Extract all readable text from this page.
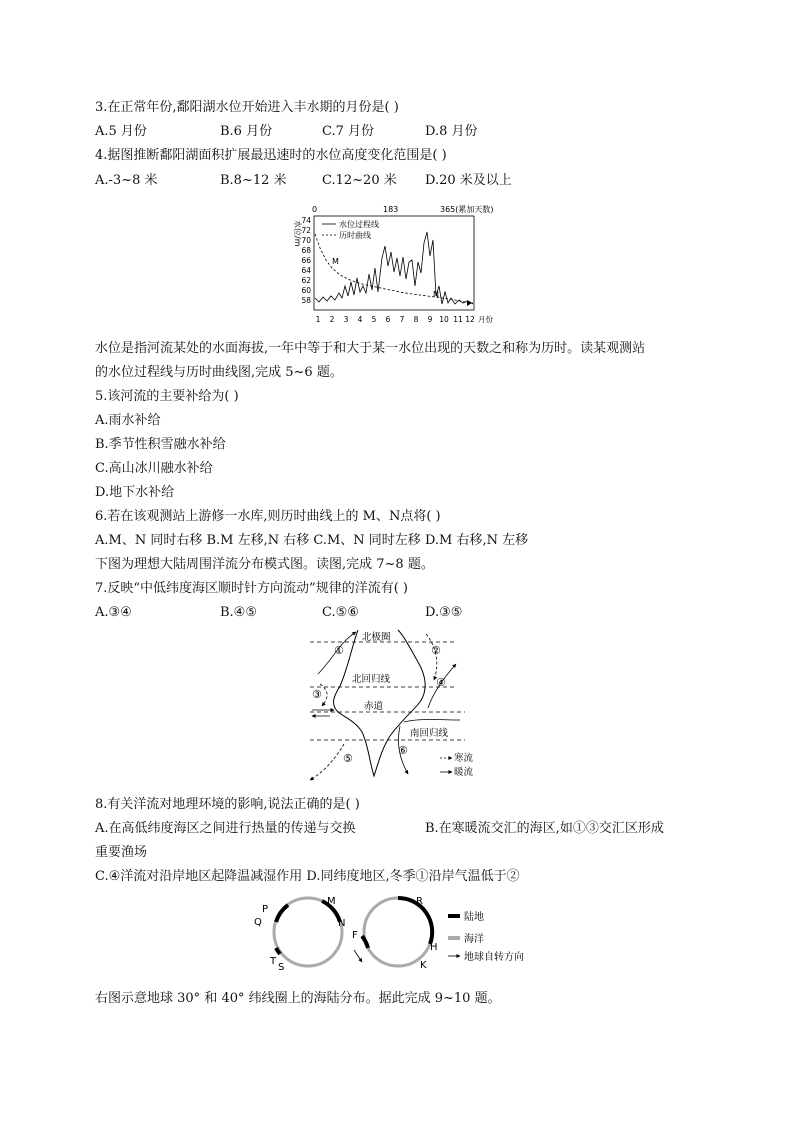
3.在正常年份,鄱阳湖水位开始进入丰水期的月份是( )
A.5 月份	B.6 月份	C.7 月份	D.8 月份
4.据图推断鄱阳湖面积扩展最迅速时的水位高度变化范围是( )
A.-3~8 米	B.8~12 米	C.12~20 米 D.20 米及以上
0	183	365(累加天数)
水位/m 74
72
70
68
66
64
62
60
58
1 2 3 4 5 6 7 8 9 10 11 12 月份
水位过程线
历时曲线
M
N
水位是指河流某处的水面海拔,一年中等于和大于某一水位出现的天数之和称为历时。读某观测站
的水位过程线与历时曲线图,完成 5~6 题。
5.该河流的主要补给为( )
A.雨水补给
B.季节性积雪融水补给
C.高山冰川融水补给
D.地下水补给
6.若在该观测站上游修一水库,则历时曲线上的 M、N点将( )
A.M、N 同时右移 B.M 左移,N 右移 C.M、N 同时左移 D.M 右移,N 左移
下图为理想大陆周围洋流分布模式图。读图,完成 7~8 题。
7.反映“中低纬度海区顺时针方向流动”规律的洋流有( )
A.③④	B.④⑤	C.⑤⑥	D.③⑤
北极圈
北回归线
赤道
南回归线
①	②
③
④
⑤
⑥
寒流
暖流
8.有关洋流对地理环境的影响,说法正确的是( )
A.在高低纬度海区之间进行热量的传递与交换	B.在寒暖流交汇的海区,如①③交汇区形成
重要渔场
C.④洋流对沿岸地区起降温减湿作用 D.同纬度地区,冬季①沿岸气温低于②
P
M
Q	N
T
S
R
F
H
K
陆地
海洋
地球自转方向
右图示意地球 30° 和 40° 纬线圈上的海陆分布。据此完成 9~10 题。
